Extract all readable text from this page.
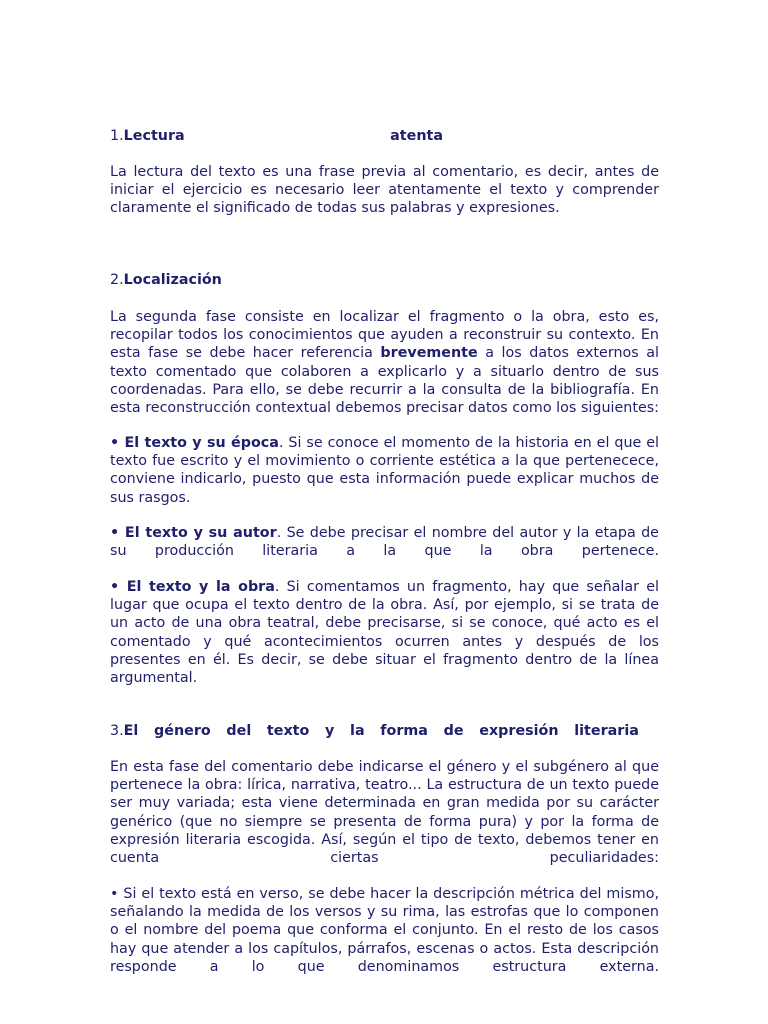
1.Lectura	atenta
La lectura del texto es una frase previa al comentario, es decir, antes de iniciar el ejercicio es necesario leer atentamente el texto y comprender claramente el significado de todas sus palabras y expresiones.
2. Localización
La segunda fase consiste en localizar el fragmento o la obra, esto es, recopilar todos los conocimientos que ayuden a reconstruir su contexto. En esta fase se debe hacer referencia brevemente a los datos externos al texto comentado que colaboren a explicarlo y a situarlo dentro de sus coordenadas. Para ello, se debe recurrir a la consulta de la bibliografía. En esta reconstrucción contextual debemos precisar datos como los siguientes:
• El texto y su época. Si se conoce el momento de la historia en el que el texto fue escrito y el movimiento o corriente estética a la que pertenecece, conviene indicarlo, puesto que esta información puede explicar muchos de sus rasgos.
• El texto y su autor. Se debe precisar el nombre del autor y la etapa de su producción literaria a la que la obra pertenece.
• El texto y la obra. Si comentamos un fragmento, hay que señalar el lugar que ocupa el texto dentro de la obra. Así, por ejemplo, si se trata de un acto de una obra teatral, debe precisarse, si se conoce, qué acto es el comentado y qué acontecimientos ocurren antes y después de los presentes en él. Es decir, se debe situar el fragmento dentro de la línea argumental.
3.El género del texto y la forma de expresión literaria
En esta fase del comentario debe indicarse el género y el subgénero al que pertenece la obra: lírica, narrativa, teatro... La estructura de un texto puede ser muy variada; esta viene determinada en gran medida por su carácter genérico (que no siempre se presenta de forma pura) y por la forma de expresión literaria escogida. Así, según el tipo de texto, debemos tener en cuenta ciertas peculiaridades:
• Si el texto está en verso, se debe hacer la descripción métrica del mismo, señalando la medida de los versos y su rima, las estrofas que lo componen o el nombre del poema que conforma el conjunto. En el resto de los casos hay que atender a los capítulos, párrafos, escenas o actos. Esta descripción responde a lo que denominamos estructura externa.
